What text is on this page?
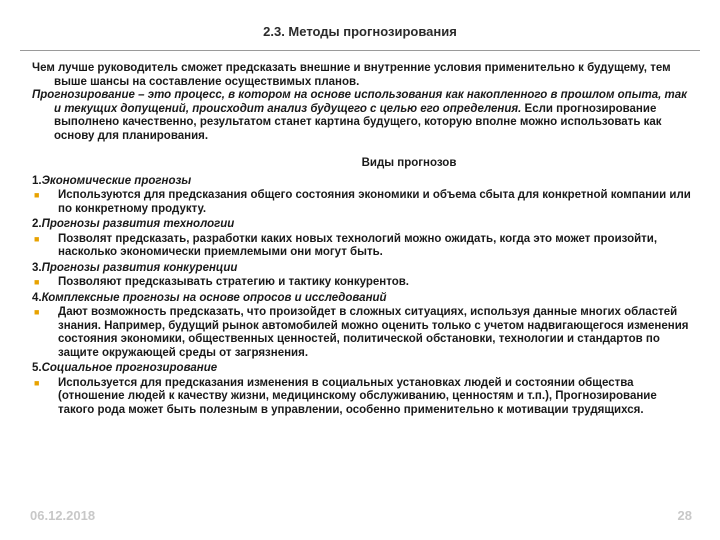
2.3. Методы прогнозирования

Чем лучше руководитель сможет предсказать внешние и внутренние условия применительно к будущему, тем выше шансы на составление осуществимых планов.

Прогнозирование – это процесс, в котором на основе использования как накопленного в прошлом опыта, так и текущих допущений, происходит анализ будущего с целью его определения. Если прогнозирование выполнено качественно, результатом станет картина будущего, которую вполне можно использовать как основу для планирования.

Виды прогнозов

1.Экономические прогнозы

■	Используются для предсказания общего состояния экономики и объема сбыта для конкретной компании или по конкретному продукту.

2.Прогнозы развития технологии

■	Позволят предсказать, разработки каких новых технологий можно ожидать, когда это может произойти, насколько экономически приемлемыми они могут быть.

3.Прогнозы развития конкуренции

■	Позволяют предсказывать стратегию и тактику конкурентов.

4.Комплексные прогнозы на основе опросов и исследований

■	Дают возможность предсказать, что произойдет в сложных ситуациях, используя данные многих областей знания. Например, будущий рынок автомобилей можно оценить только с учетом надвигающегося изменения состояния экономики, общественных ценностей, политической обстановки, технологии и стандартов по защите окружающей среды от загрязнения.

5.Социальное прогнозирование

■	Используется для предсказания изменения в социальных установках людей и состоянии общества (отношение людей к качеству жизни, медицинскому обслуживанию, ценностям и т.п.), Прогнозирование такого рода может быть полезным в управлении, особенно применительно к мотивации трудящихся.
06.12.2018	28
